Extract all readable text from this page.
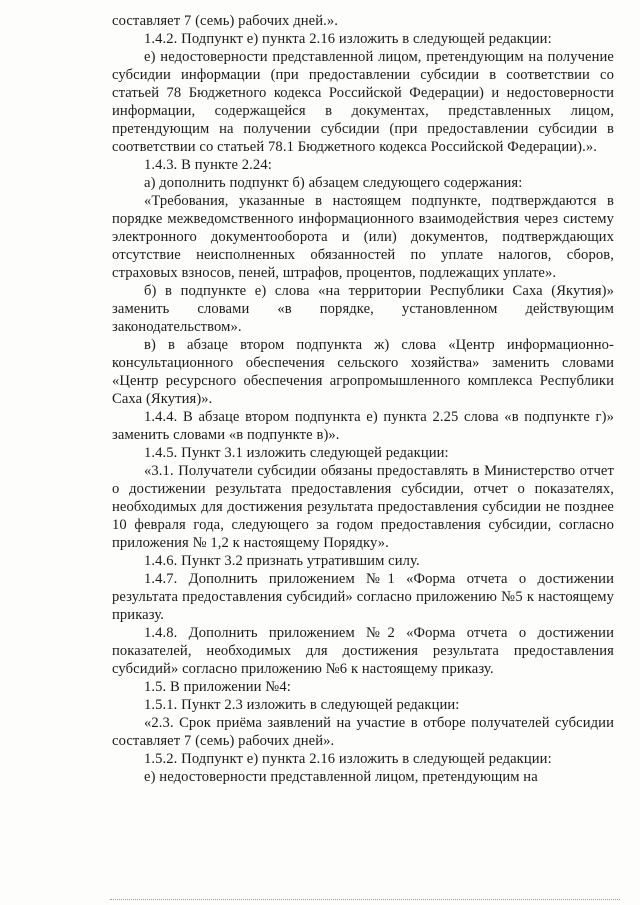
составляет 7 (семь) рабочих дней.».

1.4.2. Подпункт е) пункта 2.16 изложить в следующей редакции:

е) недостоверности представленной лицом, претендующим на получение субсидии информации (при предоставлении субсидии в соответствии со статьей 78 Бюджетного кодекса Российской Федерации) и недостоверности информации, содержащейся в документах, представленных лицом, претендующим на получении субсидии (при предоставлении субсидии в соответствии со статьей 78.1 Бюджетного кодекса Российской Федерации).».

1.4.3. В пункте 2.24:

а) дополнить подпункт б) абзацем следующего содержания:

«Требования, указанные в настоящем подпункте, подтверждаются в порядке межведомственного информационного взаимодействия через систему электронного документооборота и (или) документов, подтверждающих отсутствие неисполненных обязанностей по уплате налогов, сборов, страховых взносов, пеней, штрафов, процентов, подлежащих уплате».

б) в подпункте е) слова «на территории Республики Саха (Якутия)» заменить словами «в порядке, установленном действующим законодательством».

в) в абзаце втором подпункта ж) слова «Центр информационно-консультационного обеспечения сельского хозяйства» заменить словами «Центр ресурсного обеспечения агропромышленного комплекса Республики Саха (Якутия)».

1.4.4. В абзаце втором подпункта е) пункта 2.25 слова «в подпункте г)» заменить словами «в подпункте в)».

1.4.5. Пункт 3.1 изложить следующей редакции:

«3.1. Получатели субсидии обязаны предоставлять в Министерство отчет о достижении результата предоставления субсидии, отчет о показателях, необходимых для достижения результата предоставления субсидии не позднее 10 февраля года, следующего за годом предоставления субсидии, согласно приложения № 1,2 к настоящему Порядку».

1.4.6. Пункт 3.2 признать утратившим силу.

1.4.7. Дополнить приложением №1 «Форма отчета о достижении результата предоставления субсидий» согласно приложению №5 к настоящему приказу.

1.4.8. Дополнить приложением №2 «Форма отчета о достижении показателей, необходимых для достижения результата предоставления субсидий» согласно приложению №6 к настоящему приказу.

1.5. В приложении №4:

1.5.1. Пункт 2.3 изложить в следующей редакции:

«2.3. Срок приёма заявлений на участие в отборе получателей субсидии составляет 7 (семь) рабочих дней».

1.5.2. Подпункт е) пункта 2.16 изложить в следующей редакции:

е) недостоверности представленной лицом, претендующим на
